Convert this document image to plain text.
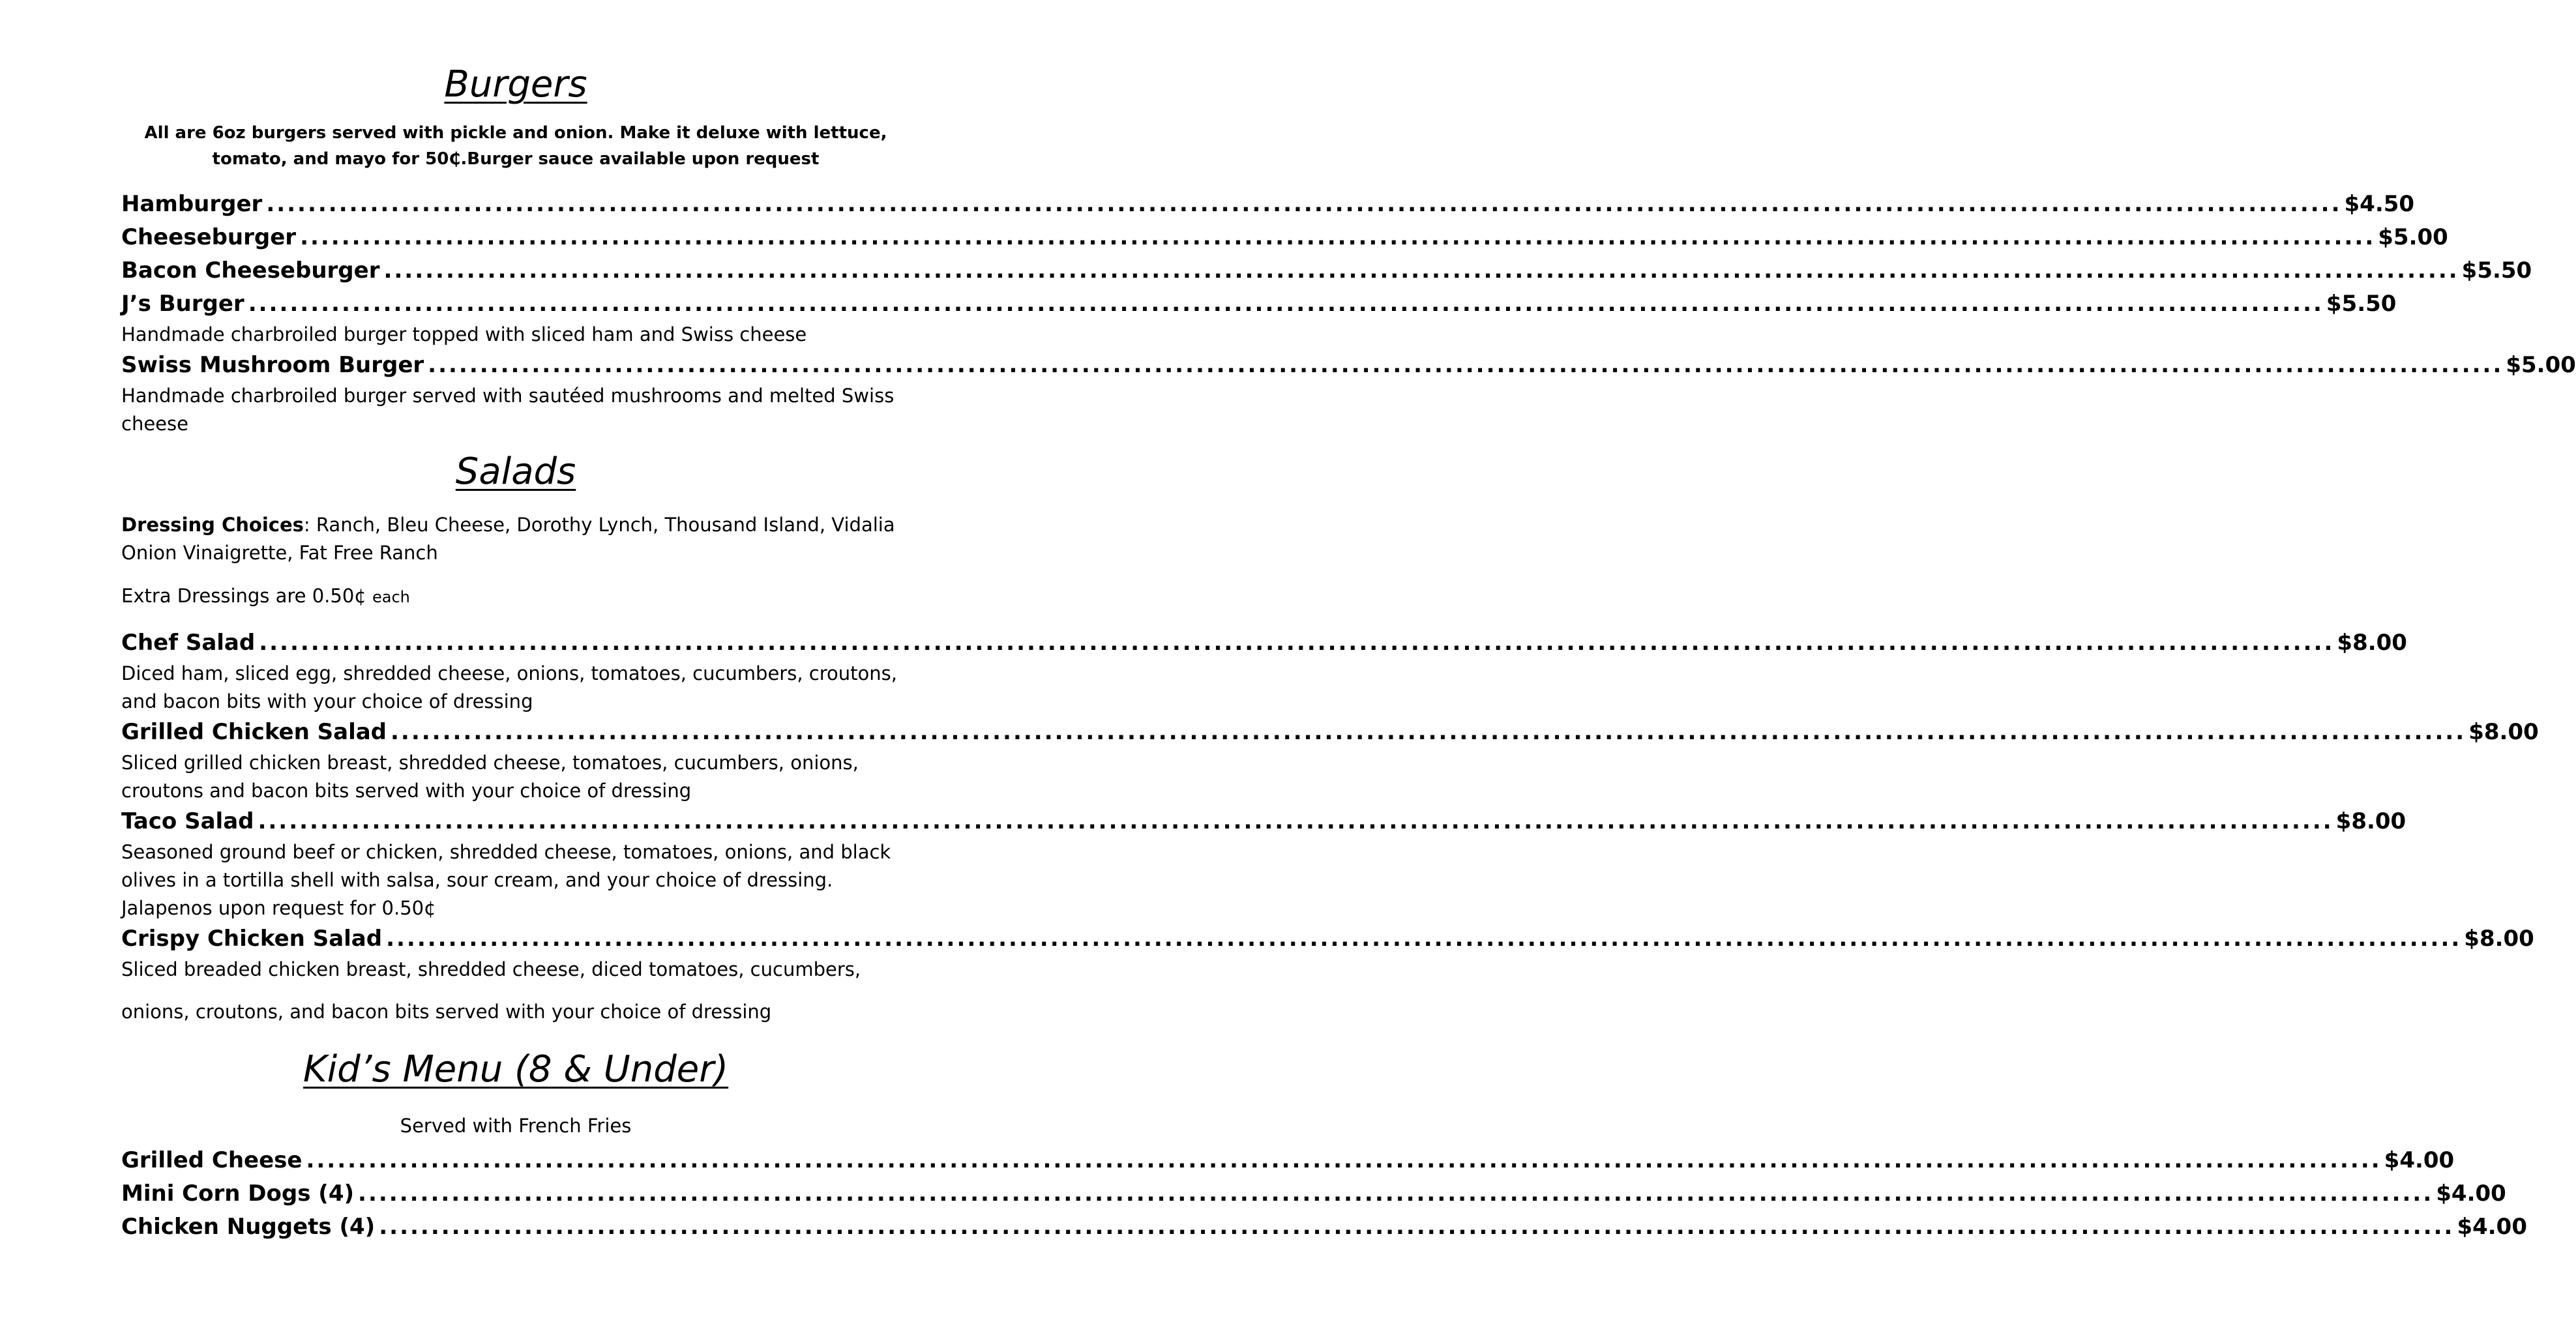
Burgers
All are 6oz burgers served with pickle and onion. Make it deluxe with lettuce,
tomato, and mayo for 50₵.Burger sauce available upon request
Hamburger ........................................................................................................................................................................................................ $4.50
Cheeseburger ........................................................................................................................................................................................................ $5.00
Bacon Cheeseburger ........................................................................................................................................................................................................ $5.50
J’s Burger ........................................................................................................................................................................................................ $5.50

Handmade charbroiled burger topped with sliced ham and Swiss cheese

Swiss Mushroom Burger ........................................................................................................................................................................................................ $5.00

Handmade charbroiled burger served with sautéed mushrooms and melted Swiss cheese

Salads

Dressing Choices: Ranch, Bleu Cheese, Dorothy Lynch, Thousand Island, Vidalia Onion Vinaigrette, Fat Free Ranch

Extra Dressings are 0.50¢ each

Chef Salad ........................................................................................................................................................................................................ $8.00

Diced ham, sliced egg, shredded cheese, onions, tomatoes, cucumbers, croutons, and bacon bits with your choice of dressing

Grilled Chicken Salad ........................................................................................................................................................................................................ $8.00

Sliced grilled chicken breast, shredded cheese, tomatoes, cucumbers, onions, croutons and bacon bits served with your choice of dressing

Taco Salad ........................................................................................................................................................................................................ $8.00

Seasoned ground beef or chicken, shredded cheese, tomatoes, onions, and black olives in a tortilla shell with salsa, sour cream, and your choice of dressing. Jalapenos upon request for 0.50¢

Crispy Chicken Salad ........................................................................................................................................................................................................ $8.00

Sliced breaded chicken breast, shredded cheese, diced tomatoes, cucumbers,

onions, croutons, and bacon bits served with your choice of dressing

Kid’s Menu (8 & Under)

Served with French Fries

Grilled Cheese ........................................................................................................................................................................................................ $4.00
Mini Corn Dogs (4) ........................................................................................................................................................................................................ $4.00
Chicken Nuggets (4) ........................................................................................................................................................................................................ $4.00
